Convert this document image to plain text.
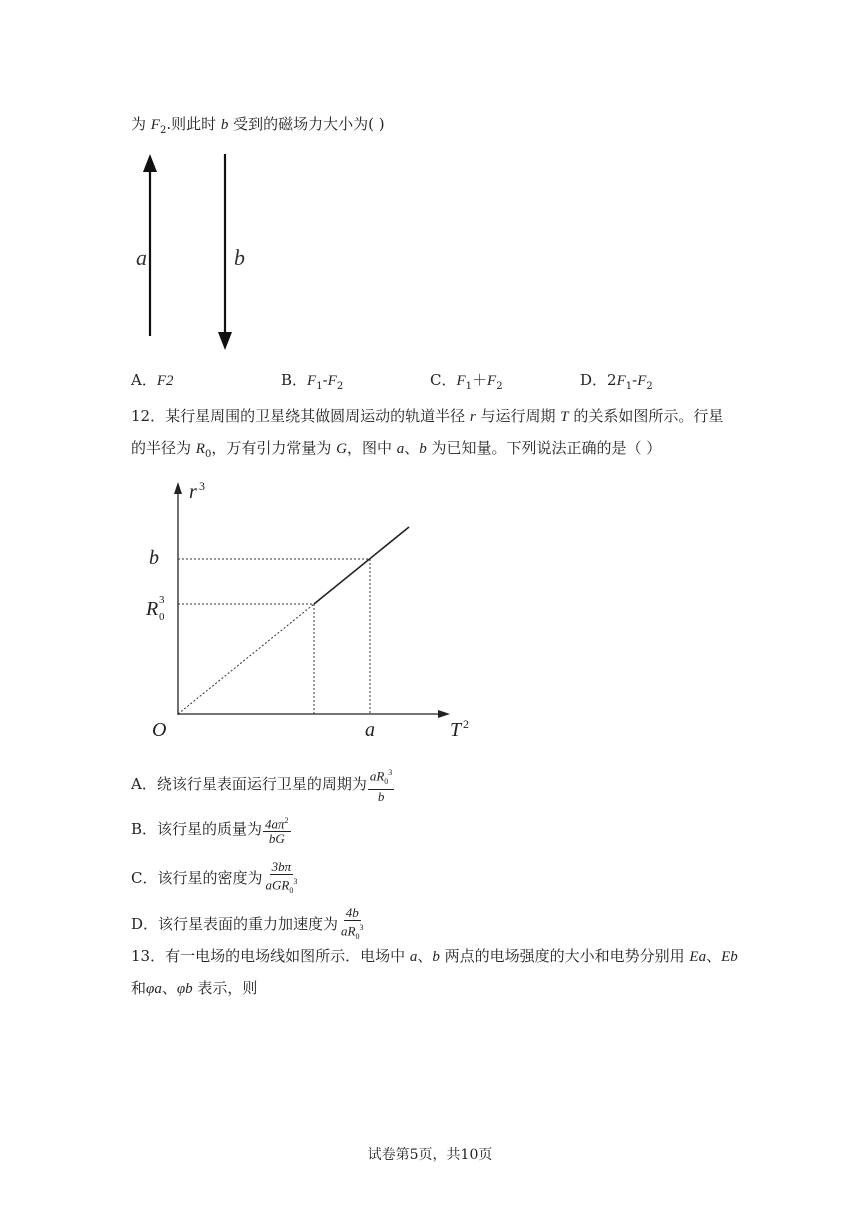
为 $F_2$.则此时 b 受到的磁场力大小为( )
a	b
A．F2	B．$F_1-F_2$	C．$F_1+F_2$	D．$2F_1-F_2$
12．某行星周围的卫星绕其做圆周运动的轨道半径 r 与运行周期 T 的关系如图所示。行星
的半径为 $R_0$，万有引力常量为 G，图中 a、b 为已知量。下列说法正确的是（ ）
r 3
T 2
O
b
R 0
3
a
A．绕该行星表面运行卫星的周期为 $\frac{aR_0^3}{b}$
B．该行星的质量为 $\frac{4a\pi^2}{bG}$
C．该行星的密度为 $\frac{3b\pi}{aGR_0^3}$
D．该行星表面的重力加速度为 $\frac{4b}{aR_0^3}$
13．有一电场的电场线如图所示．电场中 a、b 两点的电场强度的大小和电势分别用 Ea、Eb
和φa、φb 表示，则
试卷第5页，共10页
